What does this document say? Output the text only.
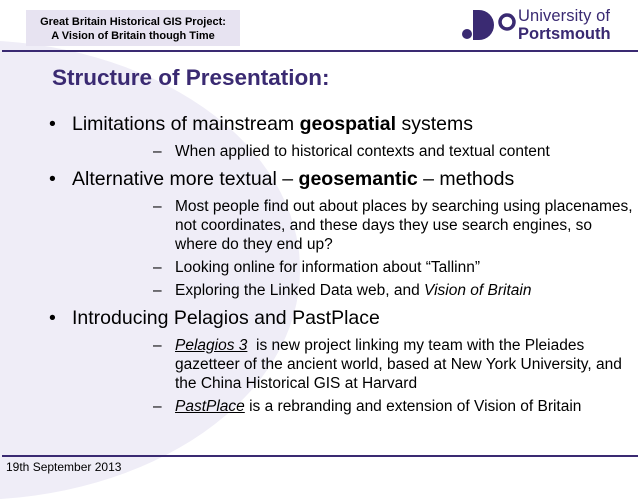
Great Britain Historical GIS Project:
A Vision of Britain though Time
University of
Portsmouth
Structure of Presentation:
• Limitations of mainstream geospatial systems
– When applied to historical contexts and textual content
• Alternative more textual – geosemantic – methods
– Most people find out about places by searching using placenames, not coordinates, and these days they use search engines, so where do they end up?
– Looking online for information about “Tallinn”
– Exploring the Linked Data web, and Vision of Britain
• Introducing Pelagios and PastPlace
– Pelagios 3  is new project linking my team with the Pleiades gazetteer of the ancient world, based at New York University, and the China Historical GIS at Harvard
– PastPlace is a rebranding and extension of Vision of Britain
19th September 2013
